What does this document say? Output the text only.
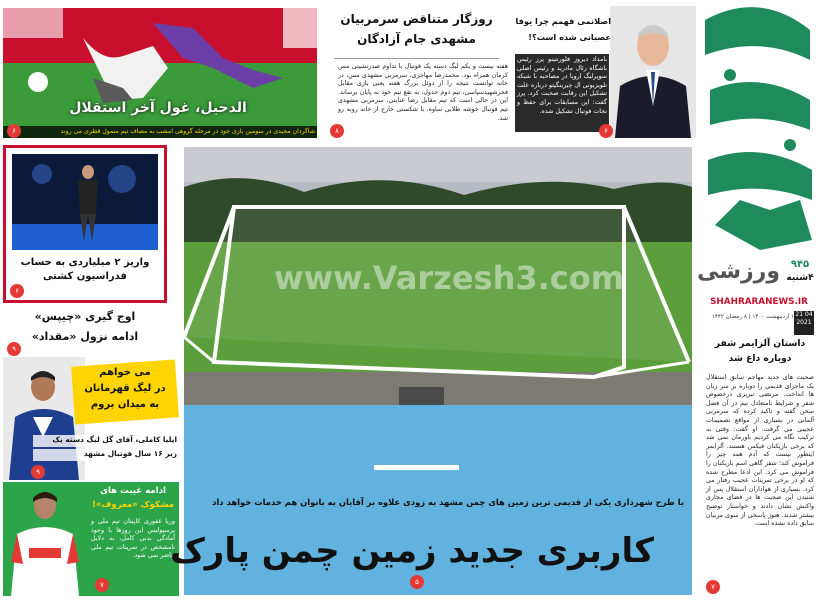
الدحیل، غول آخر استقلال
شاگردان مجیدی در سومین بازی خود در مرحله گروهی امشب به مصاف تیم متمول قطری می روند
۶
روزگار متناقض سرمربیان
مشهدی جام آزادگان
هفته بیست و یکم لیگ دسته یک فوتبال با تداوم صدرنشینی مس کرمان همراه بود. محمدرضا مهاجری، سرمربی مشهدی مس، در خانه توانست نتیجه را از دوئل بزرگ هفته یعنی بازی مقابل فجرشهیدسپاسی، تیم دوم جدول، به نفع تیم خود به پایان برساند. این در حالی است که تیم مقابل رضا عنایتی، سرمربی مشهدی تیم فوتبال خوشه طلایی ساوه، با شکستی خارج از خانه روبه رو شد.
۸
اصلانمی فهمم چرا یوفا
عصبانی شده است؟!
بامداد دیروز فلورنتینو پرز رئیس باشگاه رئال مادرید و رئیس اصلی سوپرلیگ اروپا در مصاحبه با شبکه تلویزیونی ال چیرینگیتو درباره علت تشکیل این رقابت صحبت کرد. پرز گفت: این مسابقات برای حفظ و نجات فوتبال تشکیل شده.
۶
ورزشی	۹۴۵
۴شنبه
SHAHRARANEWS.IR
۱ اردیبهشت ۱۴۰۰ | ۸ رمضان ۱۴۴۲ 21 04 2021
داستان آلزایمر شفر
دوباره داغ شد
صحبت های جدید مهاجم سابق استقلال یک ماجرای قدیمی را دوباره بر سر زبان ها انداخت. مرتضی تبریزی درخصوص شفر و شرایط نامتعادل تیم در آن فصل سخن گفته و تاکید کرده که سرمربی آلمانی در بسیاری از مواقع تصمیمات عجیبی می گرفت. او گفت: وقتی به ترکیب نگاه می کردیم باورمان نمی شد که برخی بازیکنان فیکس هستند. آلزایمر اینطور نیست که آدم همه چیز را فراموش کند؛ شفر گاهی اسم بازیکنان را فراموش می کرد. این ادعا مطرح شده که او در برخی تمرینات عجیب رفتار می کرد. بسیاری از هواداران استقلال پس از شنیدن این صحبت ها در فضای مجازی واکنش نشان دادند و خواستار توضیح بیشتر شدند. هنوز پاسخی از سوی مربیان سابق داده نشده است.
۷
واریز ۲ میلیاردی به حساب فدراسیون کشتی
۶
اوج گیری «چیپس»
ادامه نزول «مقداد»
۹
می خواهم
در لیگ قهرمانان
به میدان بروم
ایلیا کاملی، آقای گل لیگ دسته یک
زیر ۱۶ سال فوتبال مشهد
۹
ادامه غیبت های
مشکوک «معروف»!
وریا غفوری کاپیتان تیم ملی و پرسپولیس این روزها با وجود آمادگی بدنی کامل، به دلایل نامشخص در تمرینات تیم ملی حاضر نمی شود.
۷
www.Varzesh3.com
با طرح شهرداری یکی از قدیمی ترین زمین های چمن مشهد به زودی علاوه بر آقایان به بانوان هم خدمات خواهد داد
کاربری جدید زمین چمن پارک
۵
